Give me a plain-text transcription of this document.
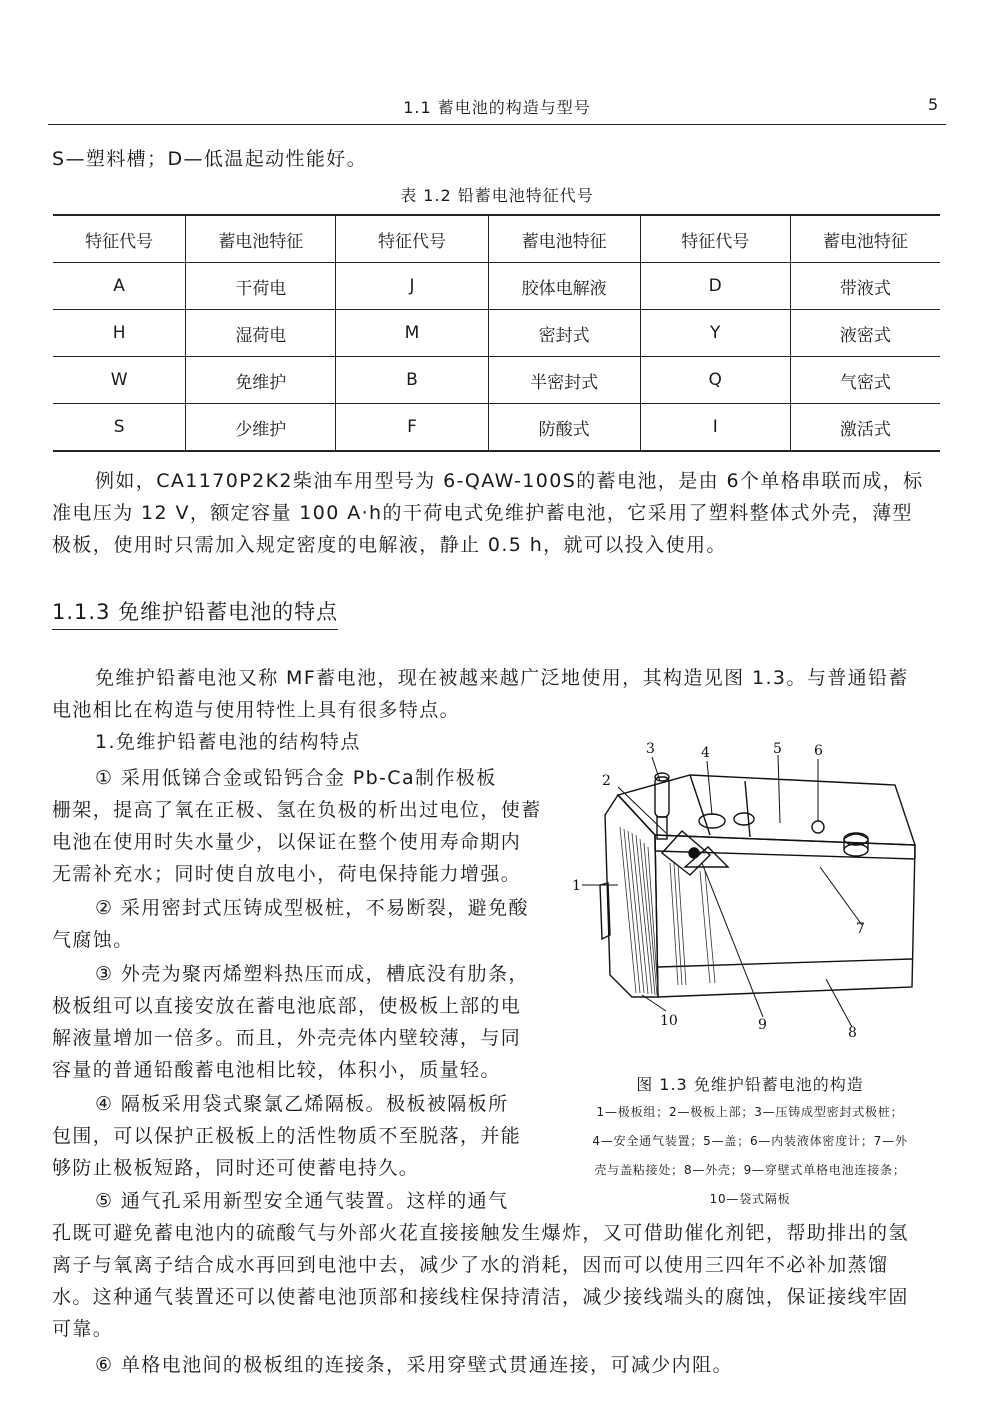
1.1 蓄电池的构造与型号	5

S—塑料槽；D—低温起动性能好。

表 1.2 铅蓄电池特征代号
特征代号	蓄电池特征	特征代号	蓄电池特征	特征代号	蓄电池特征
A	干荷电	J	胶体电解液	D	带液式
H	湿荷电	M	密封式	Y	液密式
W	免维护	B	半密封式	Q	气密式
S	少维护	F	防酸式	I	激活式

例如，CA1170P2K2柴油车用型号为 6-QAW-100S的蓄电池，是由 6个单格串联而成，标

准电压为 12 V，额定容量 100 A·h的干荷电式免维护蓄电池，它采用了塑料整体式外壳，薄型

极板，使用时只需加入规定密度的电解液，静止 0.5 h，就可以投入使用。

1.1.3 免维护铅蓄电池的特点

免维护铅蓄电池又称 MF蓄电池，现在被越来越广泛地使用，其构造见图 1.3。与普通铅蓄

电池相比在构造与使用特性上具有很多特点。

1.免维护铅蓄电池的结构特点

① 采用低锑合金或铅钙合金 Pb-Ca制作极板

栅架，提高了氧在正极、氢在负极的析出过电位，使蓄

电池在使用时失水量少，以保证在整个使用寿命期内

无需补充水；同时使自放电小，荷电保持能力增强。

② 采用密封式压铸成型极桩，不易断裂，避免酸

气腐蚀。

③ 外壳为聚丙烯塑料热压而成，槽底没有肋条，

极板组可以直接安放在蓄电池底部，使极板上部的电

解液量增加一倍多。而且，外壳壳体内壁较薄，与同

容量的普通铅酸蓄电池相比较，体积小，质量轻。

④ 隔板采用袋式聚氯乙烯隔板。极板被隔板所

包围，可以保护正极板上的活性物质不至脱落，并能

够防止极板短路，同时还可使蓄电持久。

⑤ 通气孔采用新型安全通气装置。这样的通气

孔既可避免蓄电池内的硫酸气与外部火花直接接触发生爆炸，又可借助催化剂钯，帮助排出的氢

离子与氧离子结合成水再回到电池中去，减少了水的消耗，因而可以使用三四年不必补加蒸馏

水。这种通气装置还可以使蓄电池顶部和接线柱保持清洁，减少接线端头的腐蚀，保证接线牢固

可靠。

⑥ 单格电池间的极板组的连接条，采用穿壁式贯通连接，可减少内阻。

1
2
3	4	5 6
7
8
9
10
图 1.3 免维护铅蓄电池的构造
1—极板组；2—极板上部；3—压铸成型密封式极桩；
4—安全通气装置；5—盖；6—内装液体密度计；7—外
壳与盖粘接处；8—外壳；9—穿壁式单格电池连接条；
10—袋式隔板
